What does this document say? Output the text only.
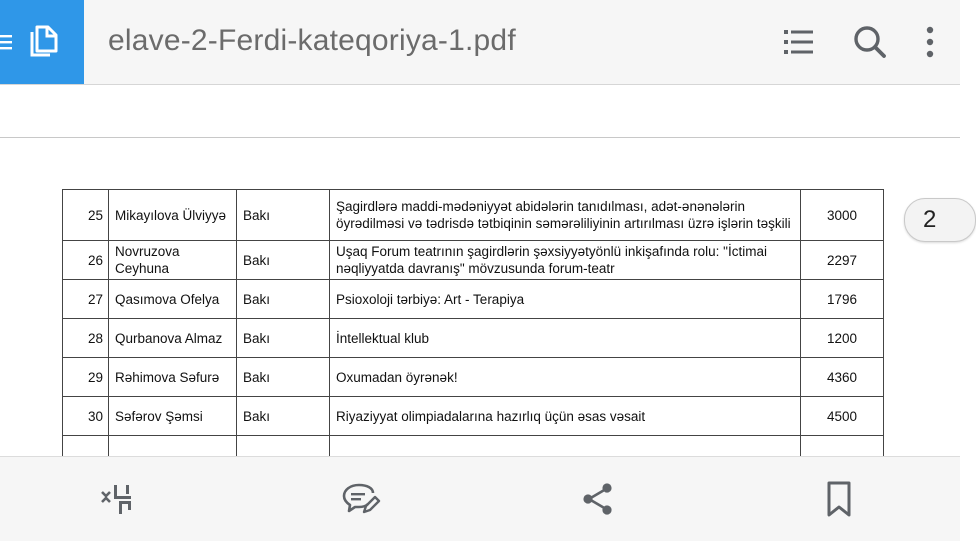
elave-2-Ferdi-kateqoriya-1.pdf
25	Mikayılova Ülviyyə	Bakı	Şagirdlərə maddi-mədəniyyət abidələrin tanıdılması, adət-ənənələrin öyrədilməsi və tədrisdə tətbiqinin səmərəliliyinin artırılması üzrə işlərin təşkili	3000
26	Novruzova Ceyhuna	Bakı	Uşaq Forum teatrının şagirdlərin şəxsiyyətyönlü inkişafında rolu: "İctimai nəqliyyatda davranış" mövzusunda forum-teatr	2297
27	Qasımova Ofelya	Bakı	Psioxoloji tərbiyə: Art - Terapiya	1796
28	Qurbanova Almaz	Bakı	İntellektual klub	1200
29	Rəhimova Səfurə	Bakı	Oxumadan öyrənək!	4360
30	Səfərov Şəmsi	Bakı	Riyaziyyat olimpiadalarına hazırlıq üçün əsas vəsait	4500

2
